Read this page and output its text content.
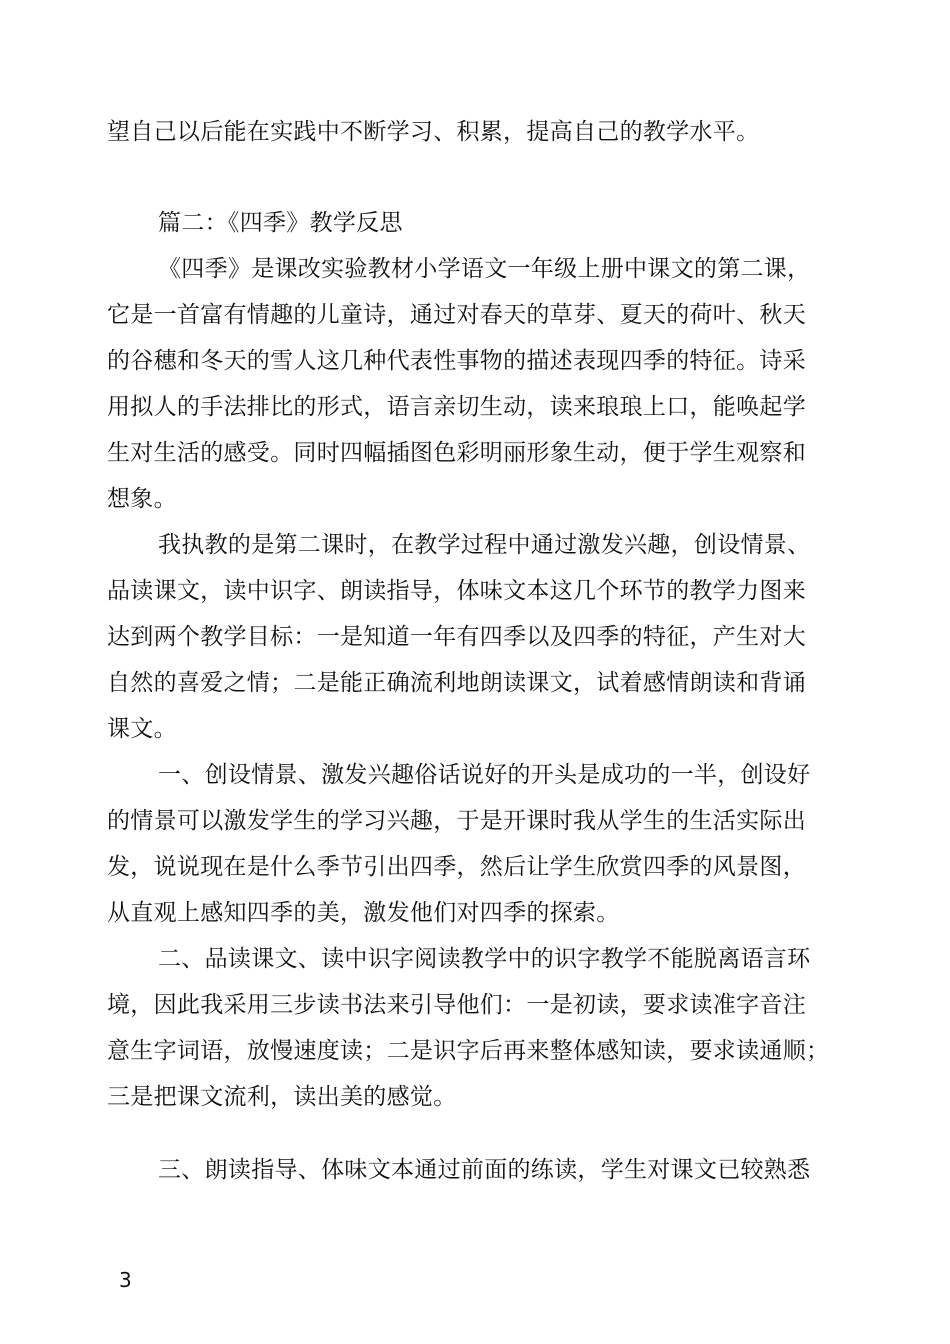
望自己以后能在实践中不断学习、积累，提高自己的教学水平。
篇二：《四季》教学反思
《四季》是课改实验教材小学语文一年级上册中课文的第二课，
它是一首富有情趣的儿童诗，通过对春天的草芽、夏天的荷叶、秋天
的谷穗和冬天的雪人这几种代表性事物的描述表现四季的特征。诗采
用拟人的手法排比的形式，语言亲切生动，读来琅琅上口，能唤起学
生对生活的感受。同时四幅插图色彩明丽形象生动，便于学生观察和
想象。
我执教的是第二课时，在教学过程中通过激发兴趣，创设情景、
品读课文，读中识字、朗读指导，体味文本这几个环节的教学力图来
达到两个教学目标：一是知道一年有四季以及四季的特征，产生对大
自然的喜爱之情；二是能正确流利地朗读课文，试着感情朗读和背诵
课文。
一、创设情景、激发兴趣俗话说好的开头是成功的一半，创设好
的情景可以激发学生的学习兴趣，于是开课时我从学生的生活实际出
发，说说现在是什么季节引出四季，然后让学生欣赏四季的风景图，
从直观上感知四季的美，激发他们对四季的探索。
二、品读课文、读中识字阅读教学中的识字教学不能脱离语言环
境，因此我采用三步读书法来引导他们：一是初读，要求读准字音注
意生字词语，放慢速度读；二是识字后再来整体感知读，要求读通顺；
三是把课文流利，读出美的感觉。
三、朗读指导、体味文本通过前面的练读，学生对课文已较熟悉
3
